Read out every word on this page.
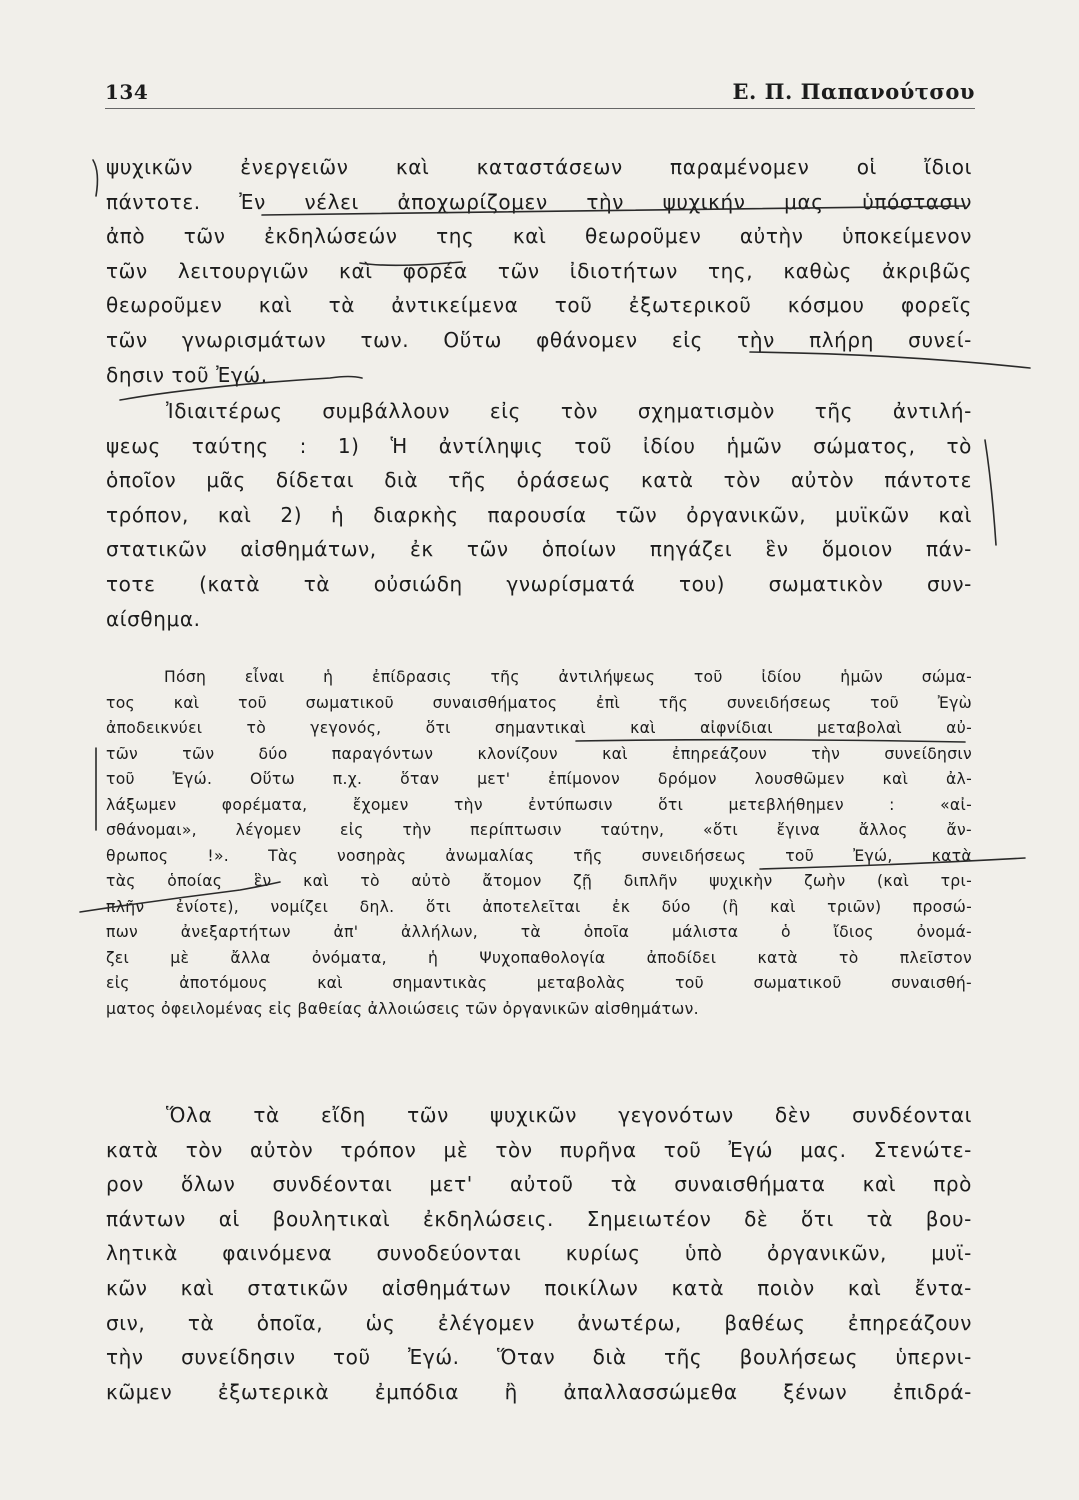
134	Ε. Π. Παπανούτσου
ψυχικῶν ἐνεργειῶν καὶ καταστάσεων παραμένομεν οἱ ἴδιοι
πάντοτε. Ἐν νέλει ἀποχωρίζομεν τὴν ψυχικήν μας ὑπόστασιν
ἀπὸ τῶν ἐκδηλώσεών της καὶ θεωροῦμεν αὐτὴν ὑποκείμενον
τῶν λειτουργιῶν καὶ φορέα τῶν ἰδιοτήτων της, καθὼς ἀκριβῶς
θεωροῦμεν καὶ τὰ ἀντικείμενα τοῦ ἐξωτερικοῦ κόσμου φορεῖς
τῶν γνωρισμάτων των. Οὕτω φθάνομεν εἰς τὴν πλήρη συνεί-
δησιν τοῦ Ἐγώ.
Ἰδιαιτέρως συμβάλλουν εἰς τὸν σχηματισμὸν τῆς ἀντιλή-
ψεως ταύτης : 1) Ἡ ἀντίληψις τοῦ ἰδίου ἡμῶν σώματος, τὸ
ὁποῖον μᾶς δίδεται διὰ τῆς ὁράσεως κατὰ τὸν αὐτὸν πάντοτε
τρόπον, καὶ 2) ἡ διαρκὴς παρουσία τῶν ὀργανικῶν, μυϊκῶν καὶ
στατικῶν αἰσθημάτων, ἐκ τῶν ὁποίων πηγάζει ἓν ὅμοιον πάν-
τοτε (κατὰ τὰ οὐσιώδη γνωρίσματά του) σωματικὸν συν-
αίσθημα.
Πόση εἶναι ἡ ἐπίδρασις τῆς ἀντιλήψεως τοῦ ἰδίου ἡμῶν σώμα-
τος καὶ τοῦ σωματικοῦ συναισθήματος ἐπὶ τῆς συνειδήσεως τοῦ Ἐγὼ
ἀποδεικνύει τὸ γεγονός, ὅτι σημαντικαὶ καὶ αἰφνίδιαι μεταβολαὶ αὐ-
τῶν τῶν δύο παραγόντων κλονίζουν καὶ ἐπηρεάζουν τὴν συνείδησιν
τοῦ Ἐγώ. Οὕτω π.χ. ὅταν μετ' ἐπίμονον δρόμον λουσθῶμεν καὶ ἀλ-
λάξωμεν φορέματα, ἔχομεν τὴν ἐντύπωσιν ὅτι μετεβλήθημεν : «αἰ-
σθάνομαι», λέγομεν εἰς τὴν περίπτωσιν ταύτην, «ὅτι ἔγινα ἄλλος ἄν-
θρωπος !». Τὰς νοσηρὰς ἀνωμαλίας τῆς συνειδήσεως τοῦ Ἐγώ, κατὰ
τὰς ὁποίας ἓν καὶ τὸ αὐτὸ ἄτομον ζῇ διπλῆν ψυχικὴν ζωὴν (καὶ τρι-
πλῆν ἐνίοτε), νομίζει δηλ. ὅτι ἀποτελεῖται ἐκ δύο (ἢ καὶ τριῶν) προσώ-
πων ἀνεξαρτήτων ἀπ' ἀλλήλων, τὰ ὁποῖα μάλιστα ὁ ἴδιος ὀνομά-
ζει μὲ ἄλλα ὀνόματα, ἡ Ψυχοπαθολογία ἀποδίδει κατὰ τὸ πλεῖστον
εἰς ἀποτόμους καὶ σημαντικὰς μεταβολὰς τοῦ σωματικοῦ συναισθή-
ματος ὀφειλομένας εἰς βαθείας ἀλλοιώσεις τῶν ὀργανικῶν αἰσθημάτων.
Ὅλα τὰ εἴδη τῶν ψυχικῶν γεγονότων δὲν συνδέονται
κατὰ τὸν αὐτὸν τρόπον μὲ τὸν πυρῆνα τοῦ Ἐγώ μας. Στενώτε-
ρον ὅλων συνδέονται μετ' αὐτοῦ τὰ συναισθήματα καὶ πρὸ
πάντων αἱ βουλητικαὶ ἐκδηλώσεις. Σημειωτέον δὲ ὅτι τὰ βου-
λητικὰ φαινόμενα συνοδεύονται κυρίως ὑπὸ ὀργανικῶν, μυϊ-
κῶν καὶ στατικῶν αἰσθημάτων ποικίλων κατὰ ποιὸν καὶ ἔντα-
σιν, τὰ ὁποῖα, ὡς ἐλέγομεν ἀνωτέρω, βαθέως ἐπηρεάζουν
τὴν συνείδησιν τοῦ Ἐγώ. Ὅταν διὰ τῆς βουλήσεως ὑπερνι-
κῶμεν ἐξωτερικὰ ἐμπόδια ἢ ἀπαλλασσώμεθα ξένων ἐπιδρά-
